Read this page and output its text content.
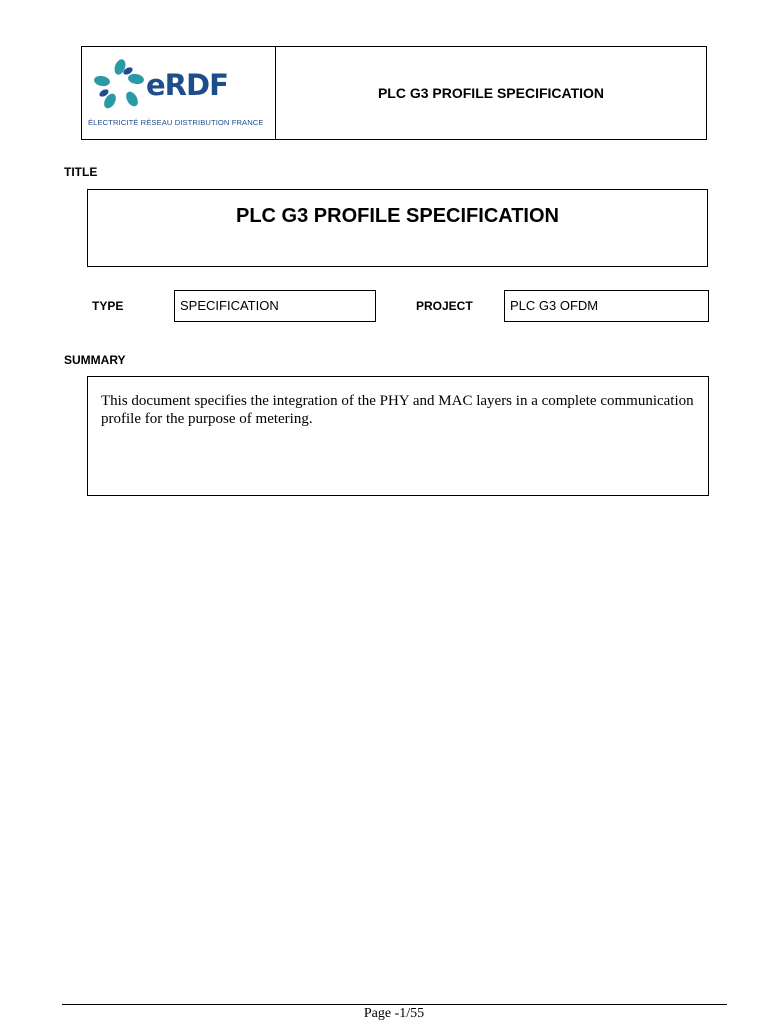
eRDF
ÉLECTRICITÉ RÉSEAU DISTRIBUTION FRANCE
PLC G3 PROFILE SPECIFICATION
TITLE
PLC G3 PROFILE SPECIFICATION
TYPE	SPECIFICATION	PROJECT	PLC G3 OFDM
SUMMARY
This document specifies the integration of the PHY and MAC layers in a complete communication profile for the purpose of metering.
Page -1/55
